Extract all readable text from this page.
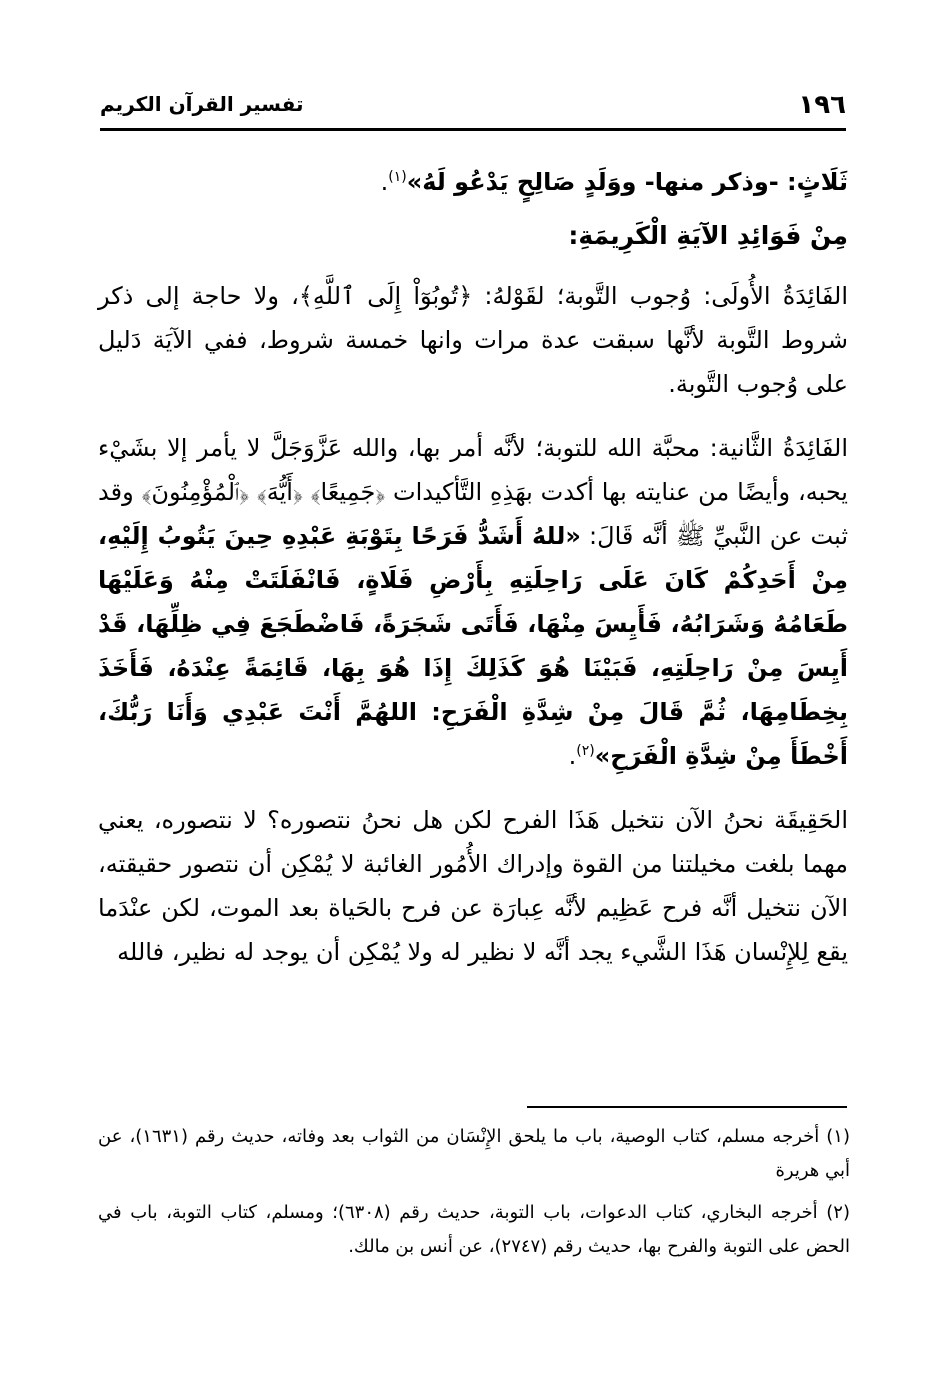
١٩٦
تفسير القرآن الكريم

ثَلَاثٍ: -وذكر منها- ووَلَدٍ صَالِحٍ يَدْعُو لَهُ»$^{(١)}$.

مِنْ فَوَائِدِ الآيَةِ الْكَرِيمَةِ:

الفَائِدَةُ الأُولَى: وُجوب التَّوبة؛ لقَوْلهُ: ﴿تُوبُوٓاْ إِلَى ٱللَّهِ﴾، ولا حاجة إلى ذكر شروط التَّوبة لأنَّها سبقت عدة مرات وانها خمسة شروط، ففي الآيَة دَليل على وُجوب التَّوبة.

الفَائِدَةُ الثَّانية: محبَّة الله للتوبة؛ لأنَّه أمر بها، والله عَزَّوَجَلَّ لا يأمر إلا بشَيْء يحبه، وأيضًا من عنايته بها أكدت بهَذِهِ التَّأكيدات ﴿جَمِيعًا﴾ ﴿أَيُّهَ﴾ ﴿ٱلْمُؤْمِنُونَ﴾ وقد ثبت عن النَّبيِّ ﷺ أنَّه قَالَ: «للهُ أَشَدُّ فَرَحًا بِتَوْبَةِ عَبْدِهِ حِينَ يَتُوبُ إِلَيْهِ، مِنْ أَحَدِكُمْ كَانَ عَلَى رَاحِلَتِهِ بِأَرْضِ فَلَاةٍ، فَانْفَلَتَتْ مِنْهُ وَعَلَيْهَا طَعَامُهُ وَشَرَابُهُ، فَأَيِسَ مِنْهَا، فَأَتَى شَجَرَةً، فَاضْطَجَعَ فِي ظِلِّهَا، قَدْ أَيِسَ مِنْ رَاحِلَتِهِ، فَبَيْنَا هُوَ كَذَلِكَ إِذَا هُوَ بِهَا، قَائِمَةً عِنْدَهُ، فَأَخَذَ بِخِطَامِهَا، ثُمَّ قَالَ مِنْ شِدَّةِ الْفَرَحِ: اللهُمَّ أَنْتَ عَبْدِي وَأَنَا رَبُّكَ، أَخْطَأَ مِنْ شِدَّةِ الْفَرَحِ»$^{(٢)}$.

الحَقِيقَة نحنُ الآن نتخيل هَذَا الفرح لكن هل نحنُ نتصوره؟ لا نتصوره، يعني مهما بلغت مخيلتنا من القوة وإدراك الأُمُور الغائبة لا يُمْكِن أن نتصور حقيقته، الآن نتخيل أنَّه فرح عَظِيم لأنَّه عِبارَة عن فرح بالحَياة بعد الموت، لكن عنْدَما يقع لِلإِنْسان هَذَا الشَّيء يجد أنَّه لا نظير له ولا يُمْكِن أن يوجد له نظير، فالله

(١) أخرجه مسلم، كتاب الوصية، باب ما يلحق الإِنْسَان من الثواب بعد وفاته، حديث رقم (١٦٣١)، عن أبي هريرة

(٢) أخرجه البخاري، كتاب الدعوات، باب التوبة، حديث رقم (٦٣٠٨)؛ ومسلم، كتاب التوبة، باب في الحض على التوبة والفرح بها، حديث رقم (٢٧٤٧)، عن أنس بن مالك.
